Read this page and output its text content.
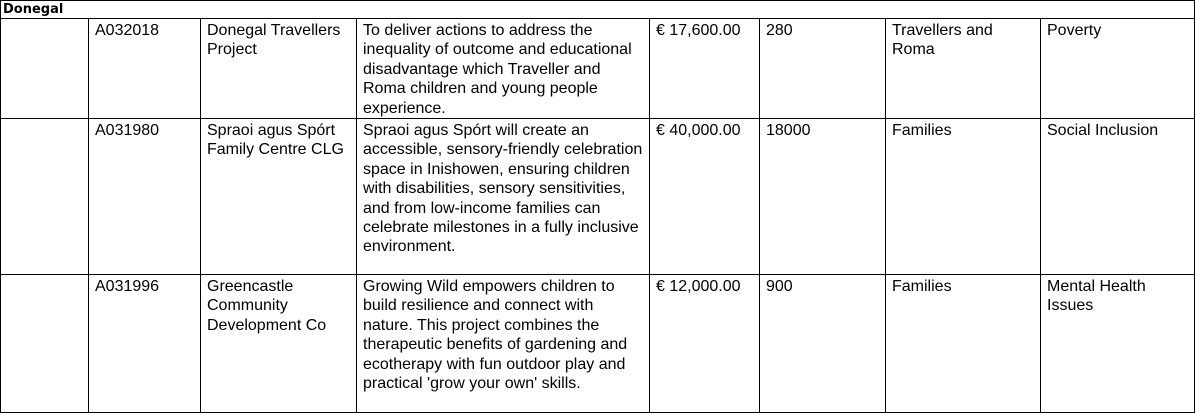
Donegal							
	A032018	Donegal Travellers Project	To deliver actions to address the inequality of outcome and educational disadvantage which Traveller and Roma children and young people experience.	€ 17,600.00	280	Travellers and Roma	Poverty
	A031980	Spraoi agus Spórt Family Centre CLG	Spraoi agus Spórt will create an accessible, sensory-friendly celebration space in Inishowen, ensuring children with disabilities, sensory sensitivities, and from low-income families can celebrate milestones in a fully inclusive environment.	€ 40,000.00	18000	Families	Social Inclusion
	A031996	Greencastle Community Development Co	Growing Wild empowers children to build resilience and connect with nature. This project combines the therapeutic benefits of gardening and ecotherapy with fun outdoor play and practical 'grow your own' skills.	€ 12,000.00	900	Families	Mental Health Issues
